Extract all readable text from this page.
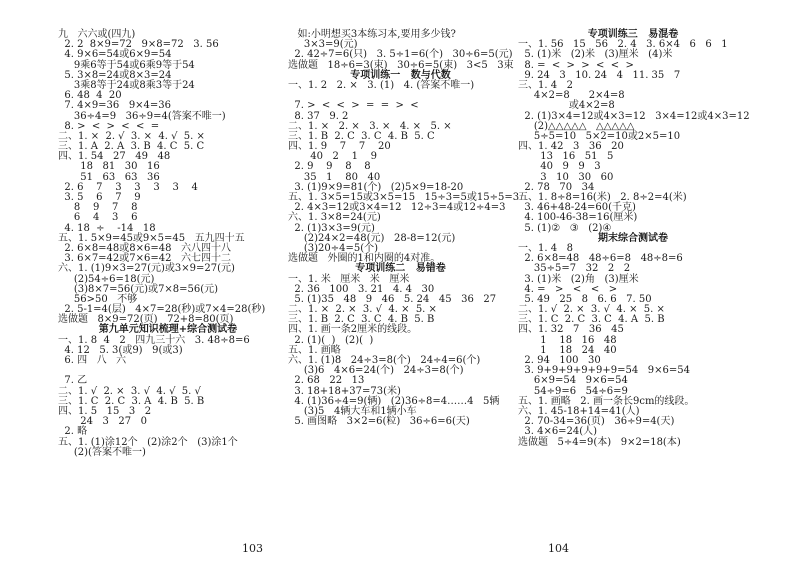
九   六六或(四九)
2. 2  8×9=72   9×8=72   3. 56
4. 9×6=54或6×9=54
9乘6等于54或6乘9等于54
5. 3×8=24或8×3=24
3乘8等于24或8乘3等于24
6. 48  4  20
7. 4×9=36   9×4=36
36÷4=9   36÷9=4(答案不唯一)
8. >  <  >  <  <  =
二、1. ×  2. √  3. ×  4. √  5. ×
三、1. A  2. A  3. B  4. C  5. C
四、1. 54   27   49   48
18   81   30   16
51   63   63   36
2. 6    7    3    3    3    3    4
3. 5    6    7    9
8    9    7    8
6    4    3    6
4. 18  ÷    -14   18
五、1. 5×9=45或9×5=45   五九四十五
2. 6×8=48或8×6=48   六八四十八
3. 6×7=42或7×6=42   六七四十二
六、1. (1)9×3=27(元)或3×9=27(元)
(2)54÷6=18(元)
(3)8×7=56(元)或7×8=56(元)
56>50   不够
2. 5-1=4(层)   4×7=28(秒)或7×4=28(秒)
选做题   8×9=72(页)   72+8=80(页)
第九单元知识梳理+综合测试卷
一、1. 8  4   2   四九三十六   3. 48÷8=6
4. 12   5. 3(或9)   9(或3)
6. 四   八   六
7. 乙
二、1. √  2. ×  3. √  4. √  5. √
三、1. C  2. C  3. A  4. B  5. B
四、1. 5   15   3   2
24   3   27   0
2. 略
五、1. (1)涂12个   (2)涂2个   (3)涂1个
(2)(答案不唯一)
如:小明想买3本练习本,要用多少钱?
3×3=9(元)
2. 42÷7=6(只)   3. 5÷1=6(个)   30÷6=5(元)
选做题   18÷6=3(束)   30÷6=5(束)   3<5   3束
专项训练一   数与代数
一、1. 2   2. ×   3. (1)   4. (答案不唯一)
7. >  <  <  >  =  =  >  <
8. 37   9. 2
二、1. ×   2. ×   3. ×   4. ×   5. ×
三、1. B  2. C  3. C  4. B  5. C
四、1. 9    7    7    20
40   2    1    9
2. 9    9    8    8
35   1    80   40
3. (1)9×9=81(个)   (2)5×9=18-20
五、1. 3×5=15或3×5=15   15÷3=5或15÷5=3
2. 4×3=12或3×4=12   12÷3=4或12÷4=3
六、1. 3×8=24(元)
2. (1)3×3=9(元)
(2)24×2=48(元)   28-8=12(元)
(3)20÷4=5(个)
选做题   外圈的1和内圈的4对准。
专项训练二   易错卷
一、1. 米   厘米   米   厘米
2. 36   100   3. 21   4. 4   30
5. (1)35   48   9   46   5. 24   45   36   27
二、1. ×  2. ×  3. √  4. ×  5. ×
三、1. B  2. C  3. C  4. B  5. B
四、1. 画一条2厘米的线段。
2. (1)(  )   (2)(  )
五、1. 画略
六、1. (1)8   24÷3=8(个)   24÷4=6(个)
(3)6   4×6=24(个)   24÷3=8(个)
2. 68   22   13
3. 18+18+37=73(米)
4. (1)36÷4=9(辆)   (2)36÷8=4……4   5辆
(3)5   4辆大车和1辆小车
5. 画图略   3×2=6(粒)   36÷6=6(天)
专项训练三   易混卷
一、1. 56   15   56   2. 4   3. 6×4   6   6   1
5. (1)米   (2)米   (3)厘米   (4)米
8. =  <  >  >  <  <  >
9. 24   3   10. 24   4   11. 35   7
三、1. 4   2
4×2=8      2×4=8
或4×2=8
2. (1)3×4=12或4×3=12   3×4=12或4×3=12
(2)△△△△△   △△△△△
5÷5=10   5×2=10或2×5=10
四、1. 42   3   36   20
13   16   51   5
40   9   9   3
3   10   30   60
2. 78   70   34
五、1. 8÷8=16(米)   2. 8÷2=4(米)
3. 46+48-24=60(千克)
4. 100-46-38=16(厘米)
5. (1)②   ③   (2)④
期末综合测试卷
一、1. 4   8
2. 6×8=48   48÷6=8   48÷8=6
35÷5=7   32   2   2
3. (1)米   (2)角   (3)厘米
4. =   >   <   <   >
5. 49   25   8   6. 6   7. 50
二、1. √  2. ×  3. √  4. ×  5. ×
三、1. C  2. C  3. C  4. A  5. B
四、1. 32   7   36   45
1    18   16   48
1    18   24   40
2. 94   100   30
3. 9+9+9+9+9+9=54   9×6=54
6×9=54   9×6=54
54÷9=6   54÷6=9
五、1. 画略   2. 画一条长9cm的线段。
六、1. 45-18+14=41(人)
2. 70-34=36(页)   36÷9=4(天)
3. 4×6=24(人)
选做题   5÷4=9(本)   9×2=18(本)
103	104
